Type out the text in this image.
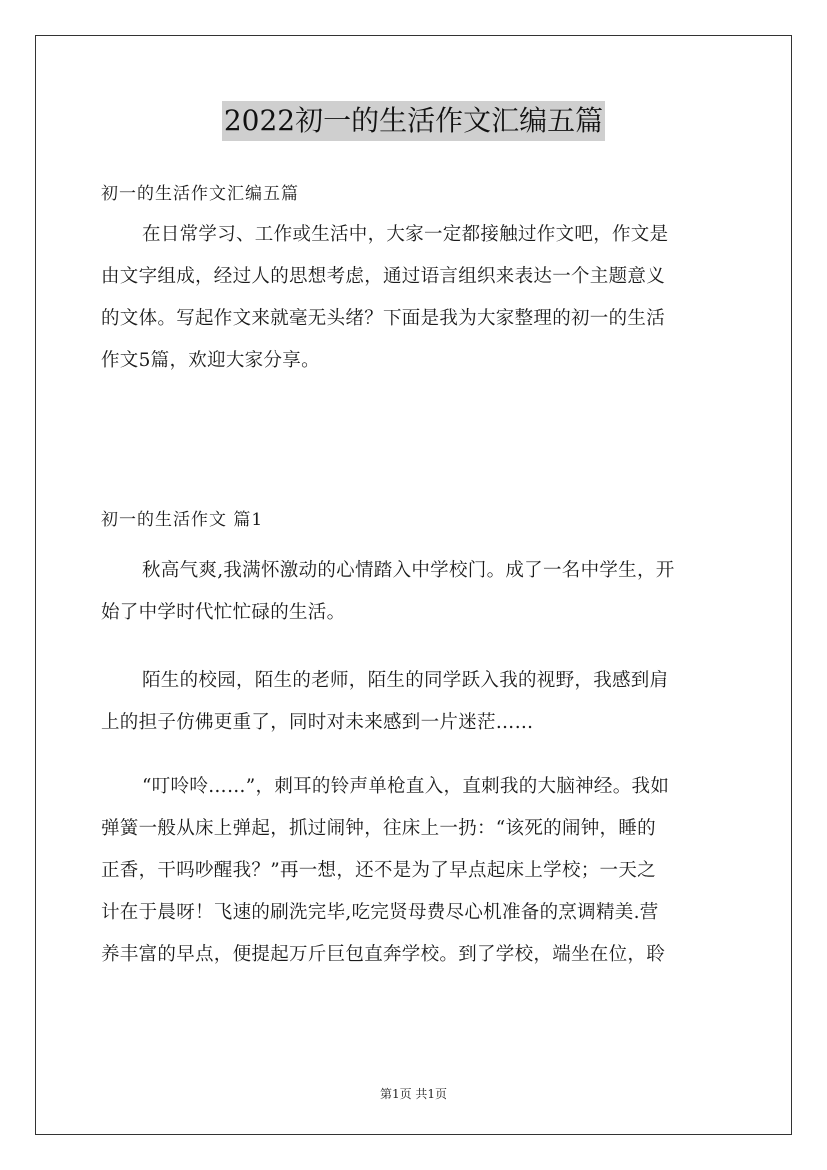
2022初一的生活作文汇编五篇
初一的生活作文汇编五篇
在日常学习、工作或生活中，大家一定都接触过作文吧，作文是
由文字组成，经过人的思想考虑，通过语言组织来表达一个主题意义
的文体。写起作文来就毫无头绪？下面是我为大家整理的初一的生活
作文5篇，欢迎大家分享。
初一的生活作文 篇1
秋高气爽,我满怀激动的心情踏入中学校门。成了一名中学生，开
始了中学时代忙忙碌的生活。
陌生的校园，陌生的老师，陌生的同学跃入我的视野，我感到肩
上的担子仿佛更重了，同时对未来感到一片迷茫……
“叮呤呤……”，刺耳的铃声单枪直入，直刺我的大脑神经。我如
弹簧一般从床上弹起，抓过闹钟，往床上一扔：“该死的闹钟，睡的
正香，干吗吵醒我？”再一想，还不是为了早点起床上学校；一天之
计在于晨呀！飞速的刷洗完毕,吃完贤母费尽心机准备的烹调精美.营
养丰富的早点，便提起万斤巨包直奔学校。到了学校，端坐在位，聆
第1页 共1页
